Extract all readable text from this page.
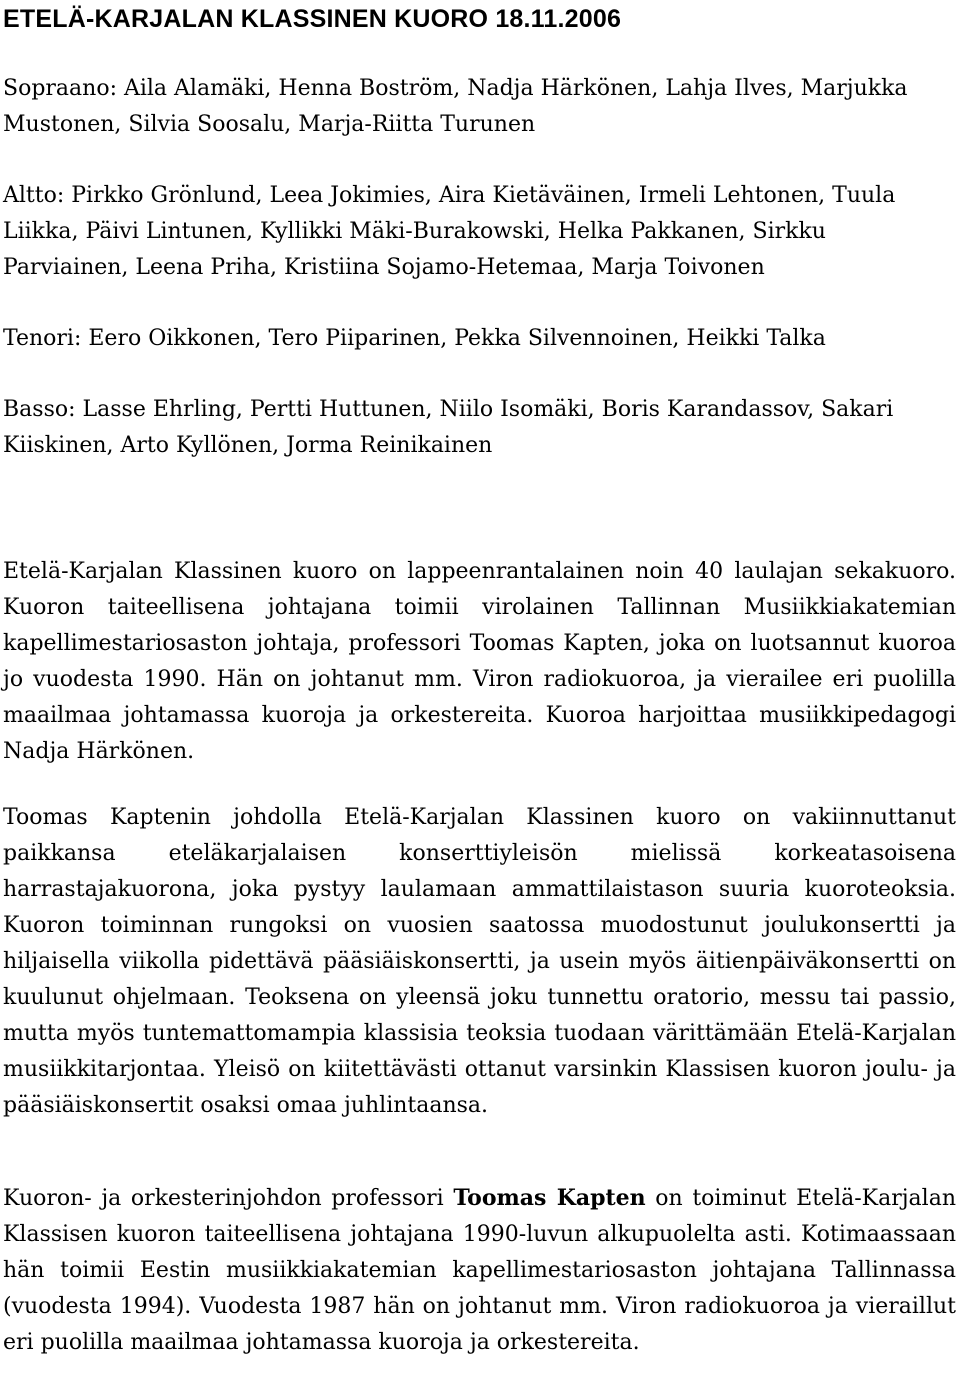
ETELÄ-KARJALAN KLASSINEN KUORO 18.11.2006

Sopraano: Aila Alamäki, Henna Boström, Nadja Härkönen, Lahja Ilves, Marjukka Mustonen, Silvia Soosalu, Marja-Riitta Turunen

Altto: Pirkko Grönlund, Leea Jokimies, Aira Kietäväinen, Irmeli Lehtonen, Tuula Liikka, Päivi Lintunen, Kyllikki Mäki-Burakowski, Helka Pakkanen, Sirkku Parviainen, Leena Priha, Kristiina Sojamo-Hetemaa, Marja Toivonen

Tenori: Eero Oikkonen, Tero Piiparinen, Pekka Silvennoinen, Heikki Talka

Basso: Lasse Ehrling, Pertti Huttunen, Niilo Isomäki, Boris Karandassov, Sakari Kiiskinen, Arto Kyllönen, Jorma Reinikainen

Etelä-Karjalan Klassinen kuoro on lappeenrantalainen noin 40 laulajan sekakuoro. Kuoron taiteellisena johtajana toimii virolainen Tallinnan Musiikkiakatemian kapellimestariosaston johtaja, professori Toomas Kapten, joka on luotsannut kuoroa jo vuodesta 1990. Hän on johtanut mm. Viron radiokuoroa, ja vierailee eri puolilla maailmaa johtamassa kuoroja ja orkestereita. Kuoroa harjoittaa musiikkipedagogi Nadja Härkönen.

Toomas Kaptenin johdolla Etelä-Karjalan Klassinen kuoro on vakiinnuttanut paikkansa eteläkarjalaisen konserttiyleisön mielissä korkeatasoisena harrastajakuorona, joka pystyy laulamaan ammattilaistason suuria kuoroteoksia. Kuoron toiminnan rungoksi on vuosien saatossa muodostunut joulukonsertti ja hiljaisella viikolla pidettävä pääsiäiskonsertti, ja usein myös äitienpäiväkonsertti on kuulunut ohjelmaan. Teoksena on yleensä joku tunnettu oratorio, messu tai passio, mutta myös tuntemattomampia klassisia teoksia tuodaan värittämään Etelä-Karjalan musiikkitarjontaa. Yleisö on kiitettävästi ottanut varsinkin Klassisen kuoron joulu- ja pääsiäiskonsertit osaksi omaa juhlintaansa.

Kuoron- ja orkesterinjohdon professori Toomas Kapten on toiminut Etelä-Karjalan Klassisen kuoron taiteellisena johtajana 1990-luvun alkupuolelta asti. Kotimaassaan hän toimii Eestin musiikkiakatemian kapellimestariosaston johtajana Tallinnassa (vuodesta 1994). Vuodesta 1987 hän on johtanut mm. Viron radiokuoroa ja vieraillut eri puolilla maailmaa johtamassa kuoroja ja orkestereita.
